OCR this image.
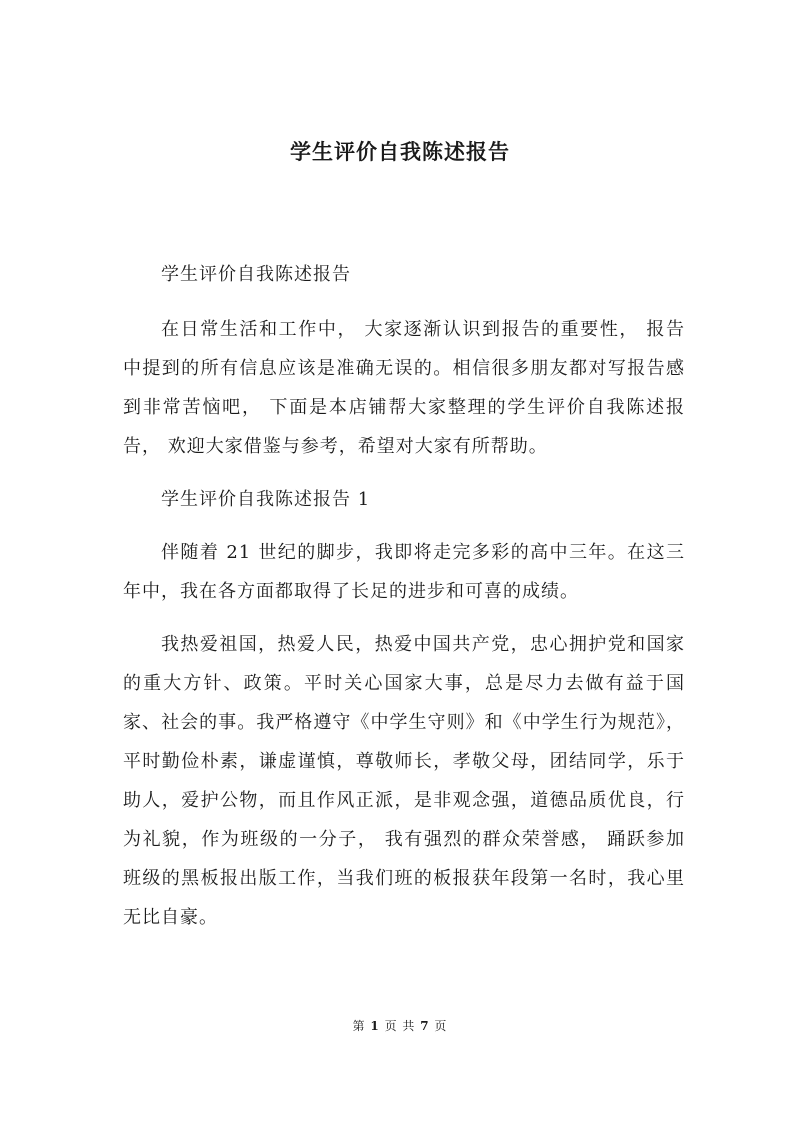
学生评价自我陈述报告

学生评价自我陈述报告

在日常生活和工作中， 大家逐渐认识到报告的重要性， 报告中提到的所有信息应该是准确无误的。相信很多朋友都对写报告感到非常苦恼吧， 下面是本店铺帮大家整理的学生评价自我陈述报告， 欢迎大家借鉴与参考，希望对大家有所帮助。

学生评价自我陈述报告 1

伴随着 21 世纪的脚步，我即将走完多彩的高中三年。在这三年中，我在各方面都取得了长足的进步和可喜的成绩。

我热爱祖国，热爱人民，热爱中国共产党，忠心拥护党和国家的重大方针、政策。平时关心国家大事，总是尽力去做有益于国家、社会的事。我严格遵守《中学生守则》和《中学生行为规范》，平时勤俭朴素，谦虚谨慎，尊敬师长，孝敬父母，团结同学，乐于助人，爱护公物，而且作风正派，是非观念强，道德品质优良，行为礼貌，作为班级的一分子， 我有强烈的群众荣誉感， 踊跃参加班级的黑板报出版工作，当我们班的板报获年段第一名时，我心里无比自豪。

第 1 页 共 7 页
